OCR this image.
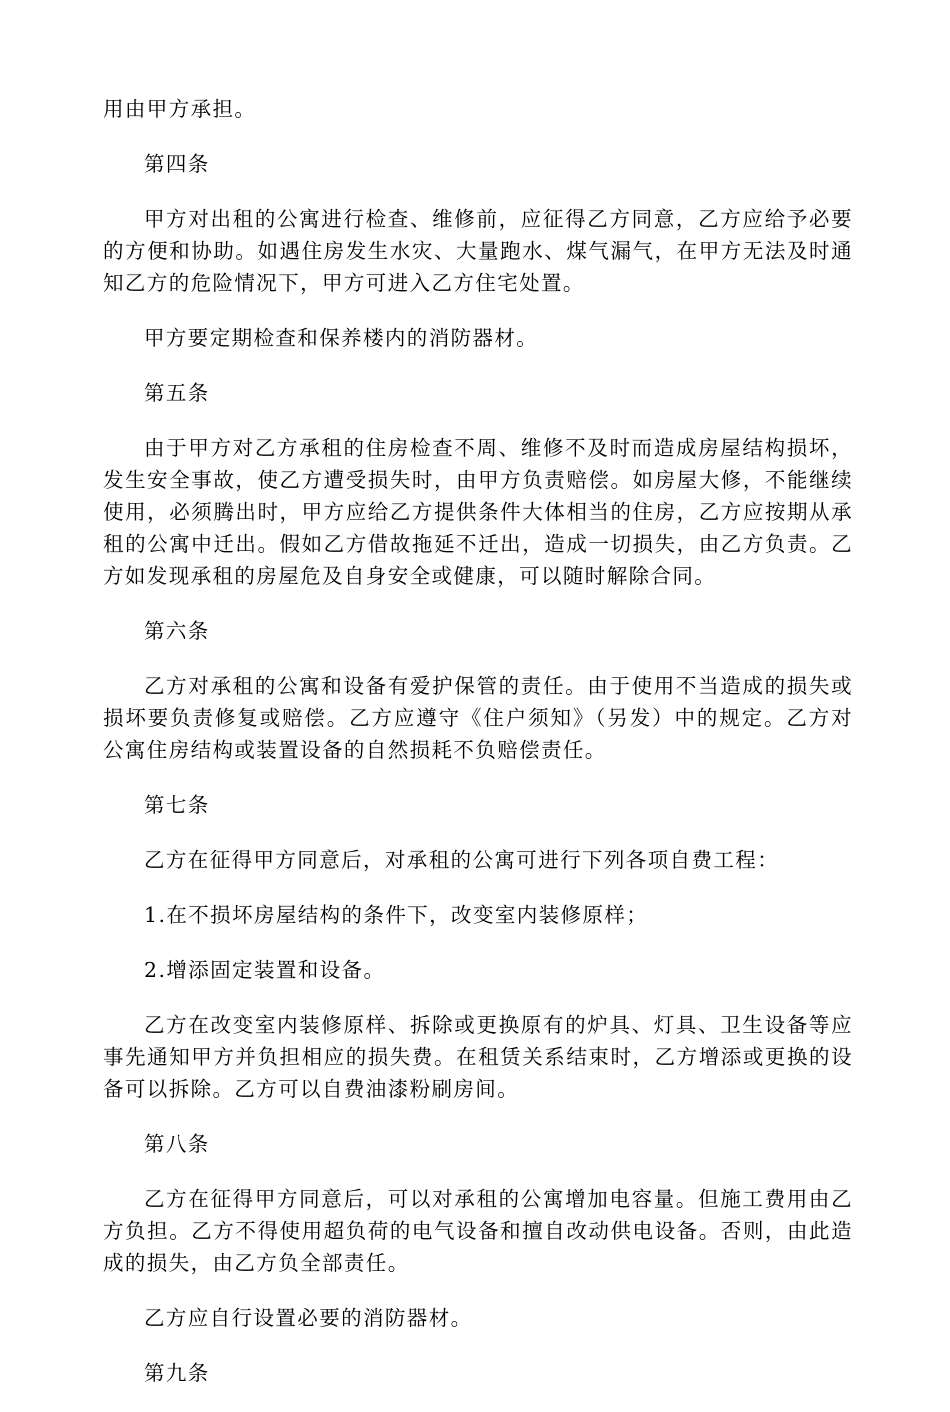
用由甲方承担。

第四条

甲方对出租的公寓进行检查、维修前，应征得乙方同意，乙方应给予必要的方便和协助。如遇住房发生水灾、大量跑水、煤气漏气，在甲方无法及时通知乙方的危险情况下，甲方可进入乙方住宅处置。

甲方要定期检查和保养楼内的消防器材。

第五条

由于甲方对乙方承租的住房检查不周、维修不及时而造成房屋结构损坏，发生安全事故，使乙方遭受损失时，由甲方负责赔偿。如房屋大修，不能继续使用，必须腾出时，甲方应给乙方提供条件大体相当的住房，乙方应按期从承租的公寓中迁出。假如乙方借故拖延不迁出，造成一切损失，由乙方负责。乙方如发现承租的房屋危及自身安全或健康，可以随时解除合同。

第六条

乙方对承租的公寓和设备有爱护保管的责任。由于使用不当造成的损失或损坏要负责修复或赔偿。乙方应遵守《住户须知》（另发）中的规定。乙方对公寓住房结构或装置设备的自然损耗不负赔偿责任。

第七条

乙方在征得甲方同意后，对承租的公寓可进行下列各项自费工程：

1.在不损坏房屋结构的条件下，改变室内装修原样；

2.增添固定装置和设备。

乙方在改变室内装修原样、拆除或更换原有的炉具、灯具、卫生设备等应事先通知甲方并负担相应的损失费。在租赁关系结束时，乙方增添或更换的设备可以拆除。乙方可以自费油漆粉刷房间。

第八条

乙方在征得甲方同意后，可以对承租的公寓增加电容量。但施工费用由乙方负担。乙方不得使用超负荷的电气设备和擅自改动供电设备。否则，由此造成的损失，由乙方负全部责任。

乙方应自行设置必要的消防器材。

第九条
